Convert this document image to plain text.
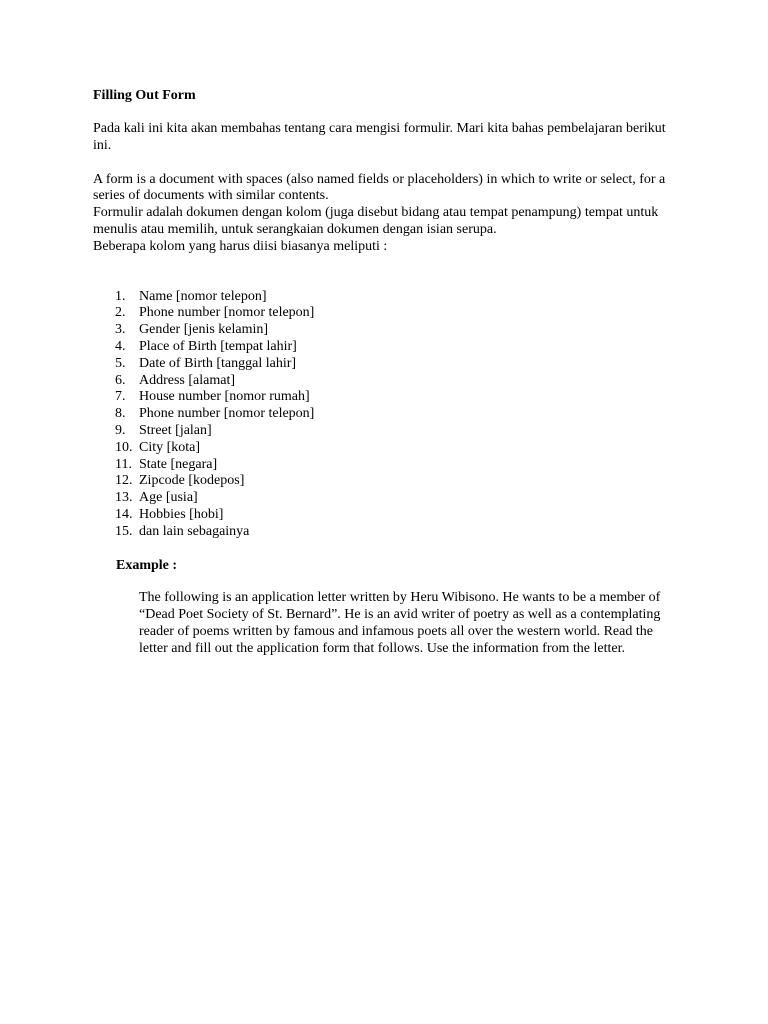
Filling Out Form

Pada kali ini kita akan membahas tentang cara mengisi formulir. Mari kita bahas pembelajaran berikut ini.

A form is a document with spaces (also named fields or placeholders) in which to write or select, for a series of documents with similar contents.

Formulir adalah dokumen dengan kolom (juga disebut bidang atau tempat penampung) tempat untuk menulis atau memilih, untuk serangkaian dokumen dengan isian serupa.

Beberapa kolom yang harus diisi biasanya meliputi :

1. Name [nomor telepon]
2. Phone number [nomor telepon]
3. Gender [jenis kelamin]
4. Place of Birth [tempat lahir]
5. Date of Birth [tanggal lahir]
6. Address [alamat]
7. House number [nomor rumah]
8. Phone number [nomor telepon]
9. Street [jalan]
10. City [kota]
11. State [negara]
12. Zipcode [kodepos]
13. Age [usia]
14. Hobbies [hobi]
15. dan lain sebagainya

Example :

The following is an application letter written by Heru Wibisono. He wants to be a member of “Dead Poet Society of St. Bernard”. He is an avid writer of poetry as well as a contemplating reader of poems written by famous and infamous poets all over the western world. Read the letter and fill out the application form that follows. Use the information from the letter.
